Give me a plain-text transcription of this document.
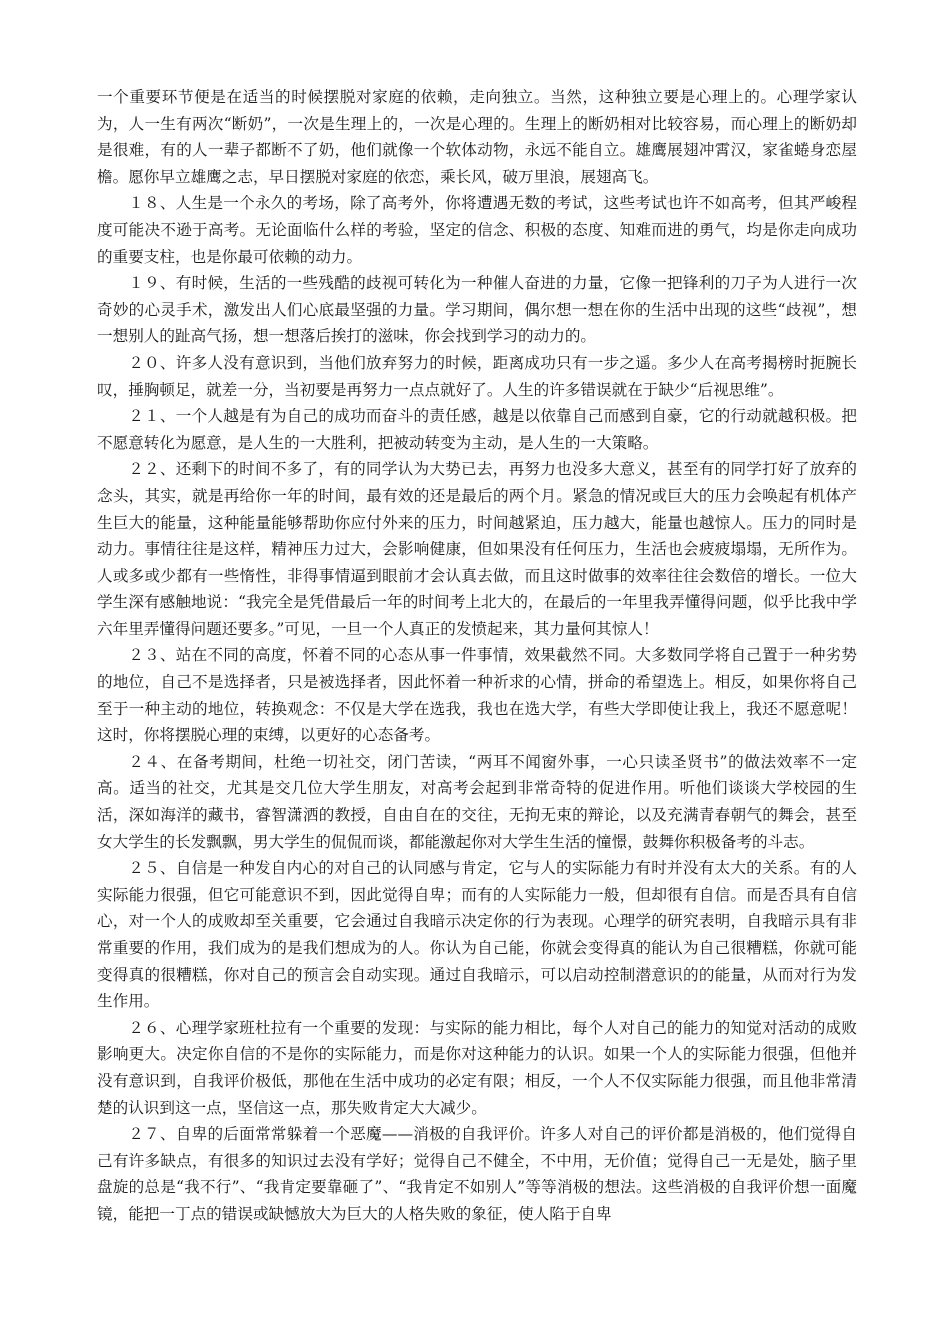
一个重要环节便是在适当的时候摆脱对家庭的依赖，走向独立。当然，这种独立要是心理上的。心理学家认为，人一生有两次“断奶”，一次是生理上的，一次是心理的。生理上的断奶相对比较容易，而心理上的断奶却是很难，有的人一辈子都断不了奶，他们就像一个软体动物，永远不能自立。雄鹰展翅冲霄汉，家雀蜷身恋屋檐。愿你早立雄鹰之志，早日摆脱对家庭的依恋，乘长风，破万里浪，展翅高飞。

１８、人生是一个永久的考场，除了高考外，你将遭遇无数的考试，这些考试也许不如高考，但其严峻程度可能决不逊于高考。无论面临什么样的考验，坚定的信念、积极的态度、知难而进的勇气，均是你走向成功的重要支柱，也是你最可依赖的动力。

１９、有时候，生活的一些残酷的歧视可转化为一种催人奋进的力量，它像一把锋利的刀子为人进行一次奇妙的心灵手术，激发出人们心底最坚强的力量。学习期间，偶尔想一想在你的生活中出现的这些“歧视”，想一想别人的趾高气扬，想一想落后挨打的滋味，你会找到学习的动力的。

２０、许多人没有意识到，当他们放弃努力的时候，距离成功只有一步之遥。多少人在高考揭榜时扼腕长叹，捶胸顿足，就差一分，当初要是再努力一点点就好了。人生的许多错误就在于缺少“后视思维”。

２１、一个人越是有为自己的成功而奋斗的责任感，越是以依靠自己而感到自豪，它的行动就越积极。把不愿意转化为愿意，是人生的一大胜利，把被动转变为主动，是人生的一大策略。

２２、还剩下的时间不多了，有的同学认为大势已去，再努力也没多大意义，甚至有的同学打好了放弃的念头，其实，就是再给你一年的时间，最有效的还是最后的两个月。紧急的情况或巨大的压力会唤起有机体产生巨大的能量，这种能量能够帮助你应付外来的压力，时间越紧迫，压力越大，能量也越惊人。压力的同时是动力。事情往往是这样，精神压力过大，会影响健康，但如果没有任何压力，生活也会疲疲塌塌，无所作为。人或多或少都有一些惰性，非得事情逼到眼前才会认真去做，而且这时做事的效率往往会数倍的增长。一位大学生深有感触地说：“我完全是凭借最后一年的时间考上北大的，在最后的一年里我弄懂得问题，似乎比我中学六年里弄懂得问题还要多。”可见，一旦一个人真正的发愤起来，其力量何其惊人！

２３、站在不同的高度，怀着不同的心态从事一件事情，效果截然不同。大多数同学将自己置于一种劣势的地位，自己不是选择者，只是被选择者，因此怀着一种祈求的心情，拼命的希望选上。相反，如果你将自己至于一种主动的地位，转换观念：不仅是大学在选我，我也在选大学，有些大学即使让我上，我还不愿意呢！这时，你将摆脱心理的束缚，以更好的心态备考。

２４、在备考期间，杜绝一切社交，闭门苦读，“两耳不闻窗外事，一心只读圣贤书”的做法效率不一定高。适当的社交，尤其是交几位大学生朋友，对高考会起到非常奇特的促进作用。听他们谈谈大学校园的生活，深如海洋的藏书，睿智潇洒的教授，自由自在的交往，无拘无束的辩论，以及充满青春朝气的舞会，甚至女大学生的长发飘飘，男大学生的侃侃而谈，都能激起你对大学生生活的憧憬，鼓舞你积极备考的斗志。

２５、自信是一种发自内心的对自己的认同感与肯定，它与人的实际能力有时并没有太大的关系。有的人实际能力很强，但它可能意识不到，因此觉得自卑；而有的人实际能力一般，但却很有自信。而是否具有自信心，对一个人的成败却至关重要，它会通过自我暗示决定你的行为表现。心理学的研究表明，自我暗示具有非常重要的作用，我们成为的是我们想成为的人。你认为自己能，你就会变得真的能认为自己很糟糕，你就可能变得真的很糟糕，你对自己的预言会自动实现。通过自我暗示，可以启动控制潜意识的的能量，从而对行为发生作用。

２６、心理学家班杜拉有一个重要的发现：与实际的能力相比，每个人对自己的能力的知觉对活动的成败影响更大。决定你自信的不是你的实际能力，而是你对这种能力的认识。如果一个人的实际能力很强，但他并没有意识到，自我评价极低，那他在生活中成功的必定有限；相反，一个人不仅实际能力很强，而且他非常清楚的认识到这一点，坚信这一点，那失败肯定大大减少。

２７、自卑的后面常常躲着一个恶魔——消极的自我评价。许多人对自己的评价都是消极的，他们觉得自己有许多缺点，有很多的知识过去没有学好；觉得自己不健全，不中用，无价值；觉得自己一无是处，脑子里盘旋的总是“我不行”、“我肯定要靠砸了”、“我肯定不如别人”等等消极的想法。这些消极的自我评价想一面魔镜，能把一丁点的错误或缺憾放大为巨大的人格失败的象征，使人陷于自卑
